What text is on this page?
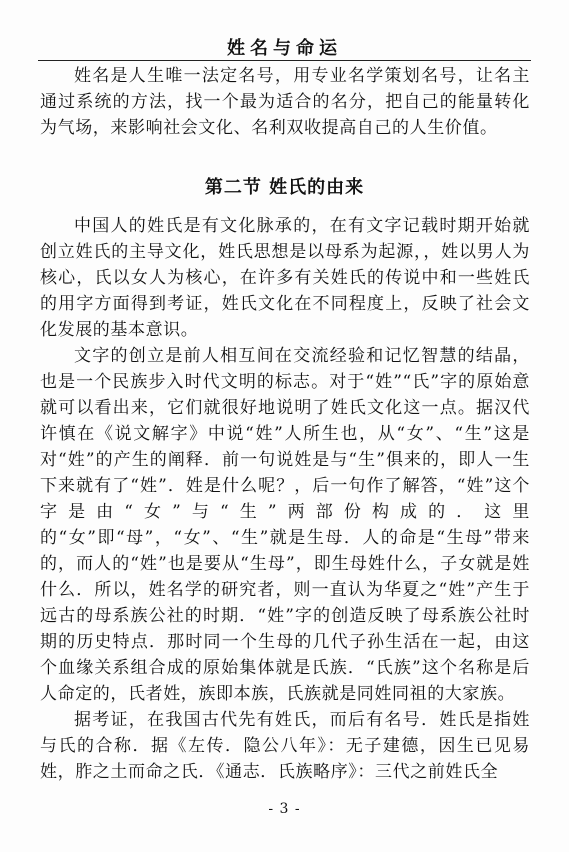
姓名与命运

姓名是人生唯一法定名号，用专业名学策划名号，让名主通过系统的方法，找一个最为适合的名分，把自己的能量转化为气场，来影响社会文化、名利双收提高自己的人生价值。

第二节 姓氏的由来

中国人的姓氏是有文化脉承的，在有文字记载时期开始就创立姓氏的主导文化，姓氏思想是以母系为起源，，姓以男人为核心，氏以女人为核心，在许多有关姓氏的传说中和一些姓氏的用字方面得到考证，姓氏文化在不同程度上，反映了社会文化发展的基本意识。

文字的创立是前人相互间在交流经验和记忆智慧的结晶，也是一个民族步入时代文明的标志。对于“姓”“氏”字的原始意就可以看出来，它们就很好地说明了姓氏文化这一点。据汉代许慎在《说文解字》中说“姓”人所生也，从“女”、“生”这是对“姓”的产生的阐释．前一句说姓是与“生”俱来的，即人一生下来就有了“姓”．姓是什么呢？，后一句作了解答，“姓”这个字是由“女”与“生”两部份构成的．这里的“女”即“母”，“女”、“生”就是生母．人的命是“生母”带来的，而人的“姓”也是要从“生母”，即生母姓什么，子女就是姓什么．所以，姓名学的研究者，则一直认为华夏之“姓”产生于远古的母系族公社的时期．“姓”字的创造反映了母系族公社时期的历史特点．那时同一个生母的几代子孙生活在一起，由这个血缘关系组合成的原始集体就是氏族．“氏族”这个名称是后人命定的，氏者姓，族即本族，氏族就是同姓同祖的大家族。

据考证，在我国古代先有姓氏，而后有名号．姓氏是指姓与氏的合称．据《左传．隐公八年》：无子建德，因生已见易姓，胙之土而命之氏．《通志．氏族略序》：三代之前姓氏全

- 3 -
